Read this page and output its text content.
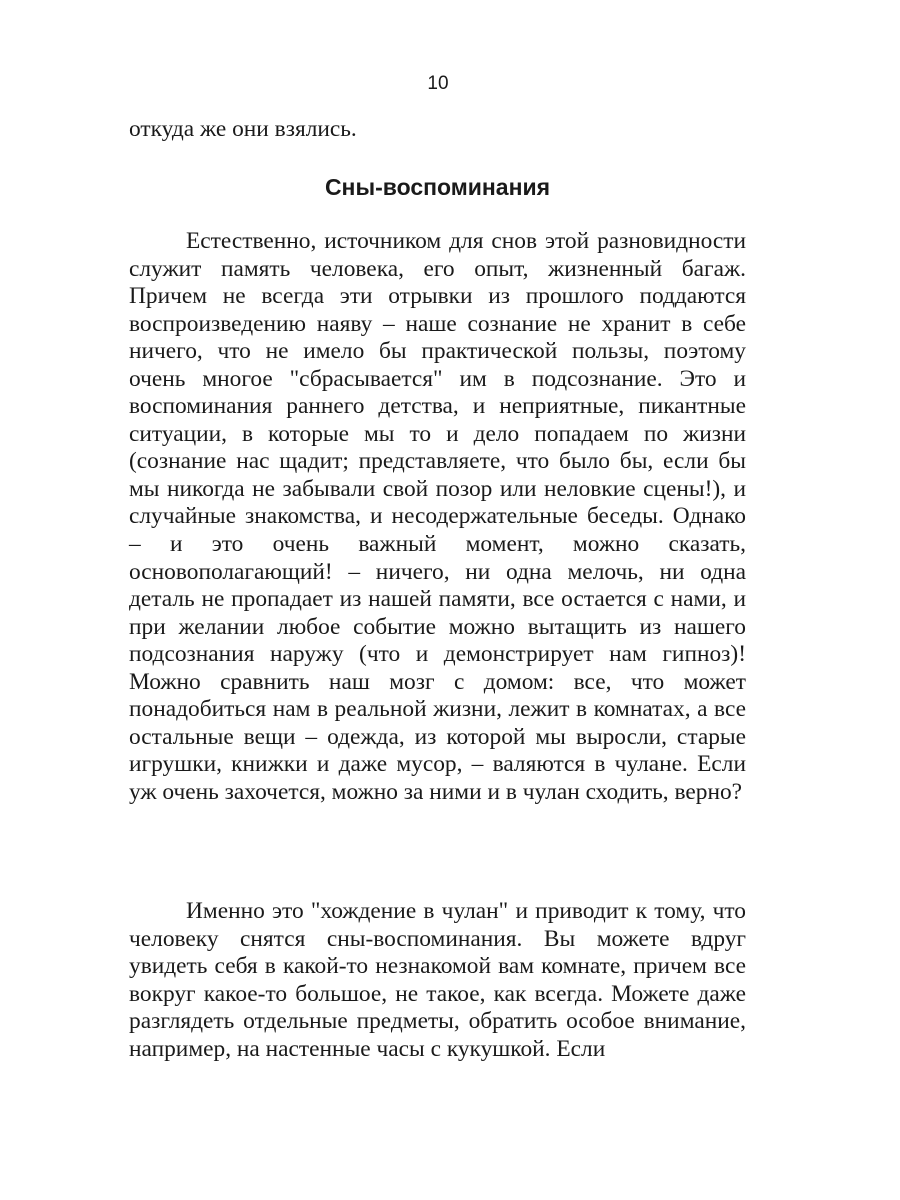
10
откуда же они взялись.
Сны-воспоминания

Естественно, источником для снов этой разновидности служит память человека, его опыт, жизненный багаж. Причем не всегда эти отрывки из прошлого поддаются воспроизведению наяву – наше сознание не хранит в себе ничего, что не имело бы практической пользы, поэтому очень многое "сбрасывается" им в подсознание. Это и воспоминания раннего детства, и неприятные, пикантные ситуации, в которые мы то и дело попадаем по жизни (сознание нас щадит; представляете, что было бы, если бы мы никогда не забывали свой позор или неловкие сцены!), и случайные знакомства, и несодержательные беседы. Однако – и это очень важный момент, можно сказать, основополагающий! – ничего, ни одна мелочь, ни одна деталь не пропадает из нашей памяти, все остается с нами, и при желании любое событие можно вытащить из нашего подсознания наружу (что и демонстрирует нам гипноз)! Можно сравнить наш мозг с домом: все, что может понадобиться нам в реальной жизни, лежит в комнатах, а все остальные вещи – одежда, из которой мы выросли, старые игрушки, книжки и даже мусор, – валяются в чулане. Если уж очень захочется, можно за ними и в чулан сходить, верно?

Именно это "хождение в чулан" и приводит к тому, что человеку снятся сны-воспоминания. Вы можете вдруг увидеть себя в какой-то незнакомой вам комнате, причем все вокруг какое-то большое, не такое, как всегда. Можете даже разглядеть отдельные предметы, обратить особое внимание, например, на настенные часы с кукушкой. Если
